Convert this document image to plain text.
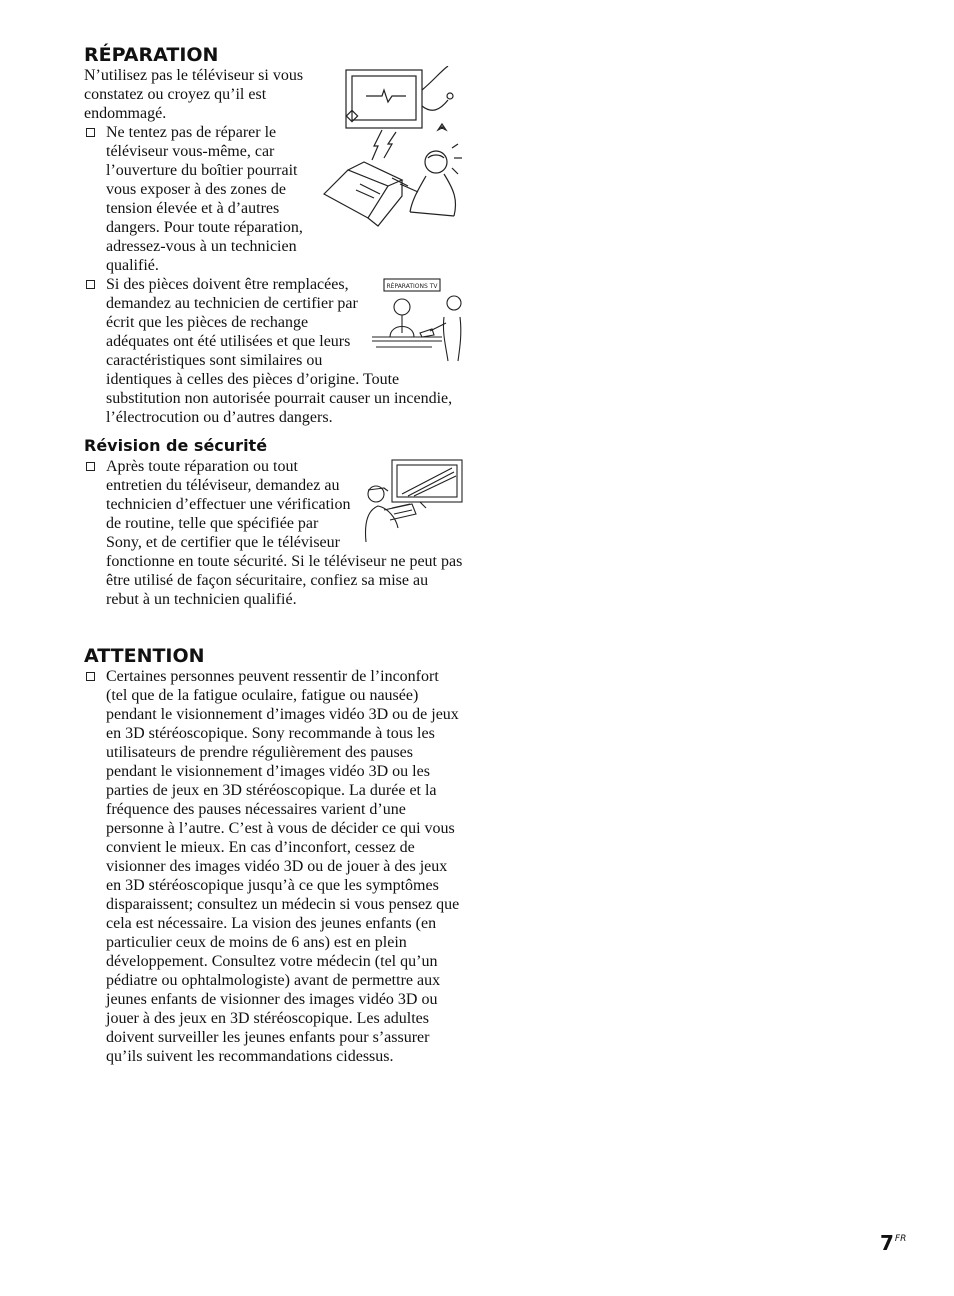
RÉPARATION

N’utilisez pas le téléviseur si vous constatez ou croyez qu’il est endommagé.

Ne tentez pas de réparer le téléviseur vous-même, car l’ouverture du boîtier pourrait vous exposer à des zones de tension élevée et à d’autres dangers. Pour toute réparation, adressez-vous à un technicien qualifié.
RÉPARATIONS TV
Si des pièces doivent être remplacées, demandez au technicien de certifier par écrit que les pièces de rechange adéquates ont été utilisées et que leurs caractéristiques sont similaires ou identiques à celles des pièces d’origine. Toute substitution non autorisée pourrait causer un incendie, l’électrocution ou d’autres dangers.
Révision de sécurité
Après toute réparation ou tout entretien du téléviseur, demandez au technicien d’effectuer une vérification de routine, telle que spécifiée par Sony, et de certifier que le téléviseur fonctionne en toute sécurité. Si le téléviseur ne peut pas être utilisé de façon sécuritaire, confiez sa mise au rebut à un technicien qualifié.
ATTENTION
Certaines personnes peuvent ressentir de l’inconfort (tel que de la fatigue oculaire, fatigue ou nausée) pendant le visionnement d’images vidéo 3D ou de jeux en 3D stéréoscopique. Sony recommande à tous les utilisateurs de prendre régulièrement des pauses pendant le visionnement d’images vidéo 3D ou les parties de jeux en 3D stéréoscopique. La durée et la fréquence des pauses nécessaires varient d’une personne à l’autre. C’est à vous de décider ce qui vous convient le mieux. En cas d’inconfort, cessez de visionner des images vidéo 3D ou de jouer à des jeux en 3D stéréoscopique jusqu’à ce que les symptômes disparaissent; consultez un médecin si vous pensez que cela est nécessaire. La vision des jeunes enfants (en particulier ceux de moins de 6 ans) est en plein développement. Consultez votre médecin (tel qu’un pédiatre ou ophtalmologiste) avant de permettre aux jeunes enfants de visionner des images vidéo 3D ou jouer à des jeux en 3D stéréoscopique. Les adultes doivent surveiller les jeunes enfants pour s’assurer qu’ils suivent les recommandations cidessus.
$7^{FR}$
